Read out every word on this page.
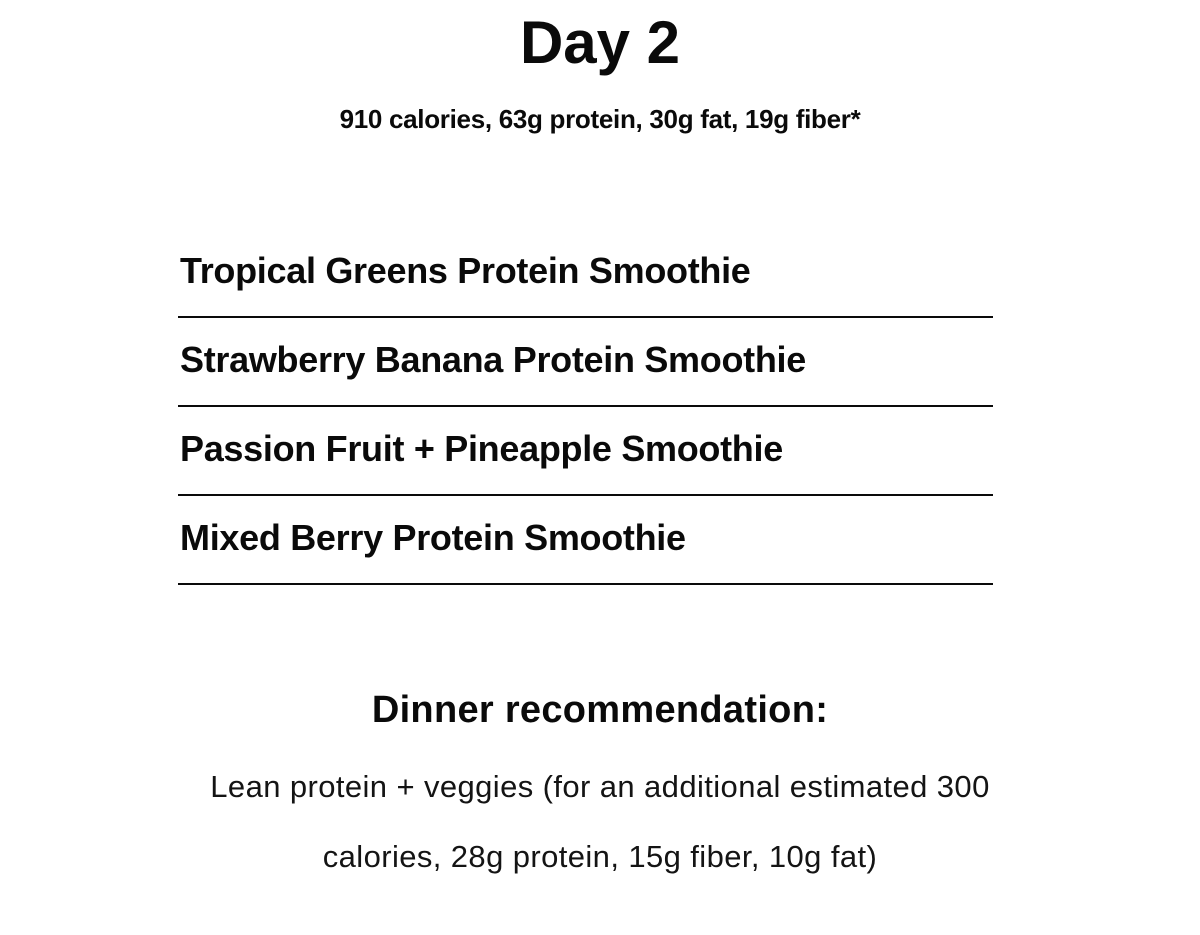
Day 2
910 calories, 63g protein, 30g fat, 19g fiber*
Tropical Greens Protein Smoothie
Strawberry Banana Protein Smoothie
Passion Fruit + Pineapple Smoothie
Mixed Berry Protein Smoothie
Dinner recommendation:
Lean protein + veggies (for an additional estimated 300
calories, 28g protein, 15g fiber, 10g fat)
